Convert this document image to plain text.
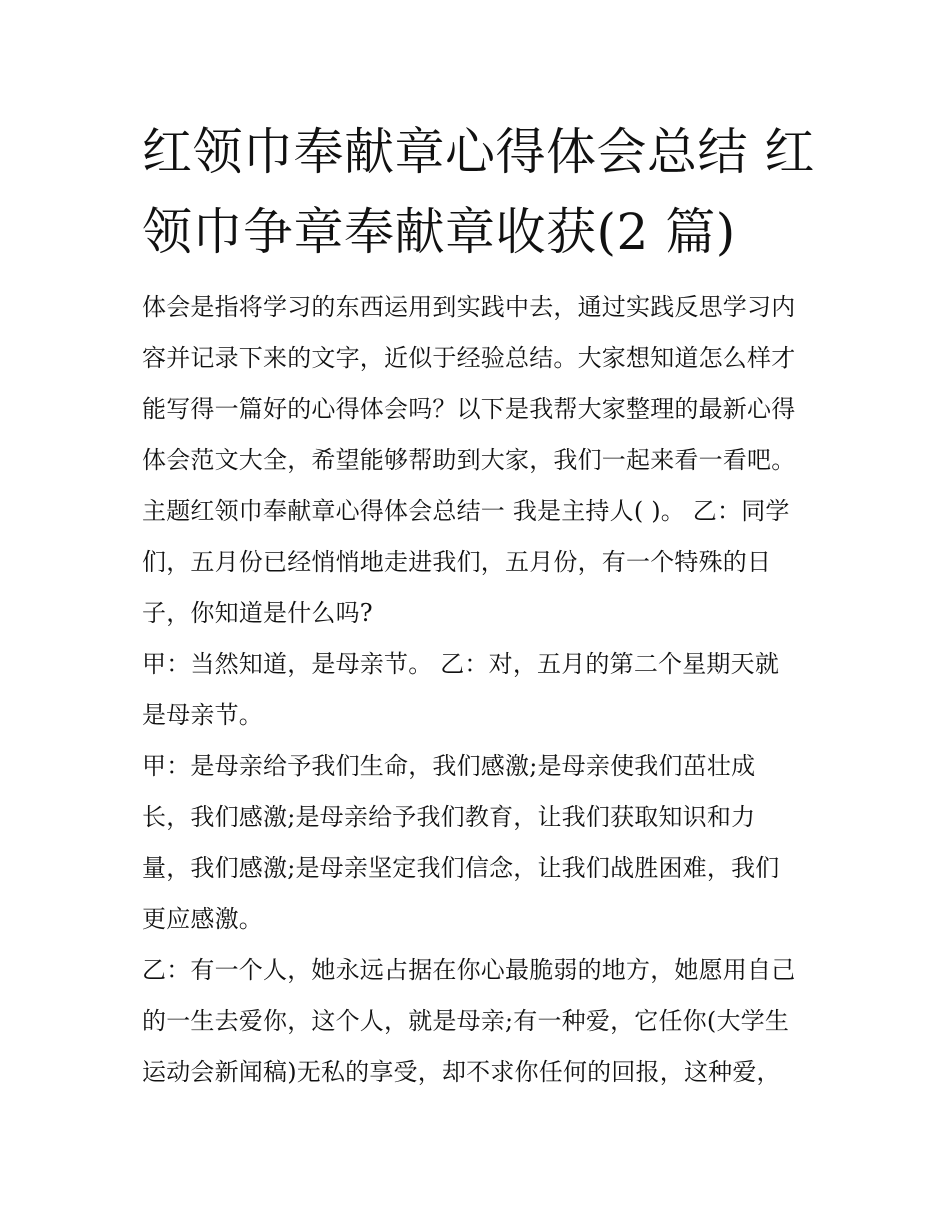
红领巾奉献章心得体会总结 红
领巾争章奉献章收获(2 篇)
体会是指将学习的东西运用到实践中去，通过实践反思学习内
容并记录下来的文字，近似于经验总结。大家想知道怎么样才
能写得一篇好的心得体会吗？以下是我帮大家整理的最新心得
体会范文大全，希望能够帮助到大家，我们一起来看一看吧。
主题红领巾奉献章心得体会总结一 我是主持人( )。 乙：同学
们，五月份已经悄悄地走进我们，五月份，有一个特殊的日
子，你知道是什么吗?
甲：当然知道，是母亲节。 乙：对，五月的第二个星期天就
是母亲节。
甲：是母亲给予我们生命，我们感激;是母亲使我们茁壮成
长，我们感激;是母亲给予我们教育，让我们获取知识和力
量，我们感激;是母亲坚定我们信念，让我们战胜困难，我们
更应感激。
乙：有一个人，她永远占据在你心最脆弱的地方，她愿用自己
的一生去爱你，这个人，就是母亲;有一种爱，它任你(大学生
运动会新闻稿)无私的享受，却不求你任何的回报，这种爱，
